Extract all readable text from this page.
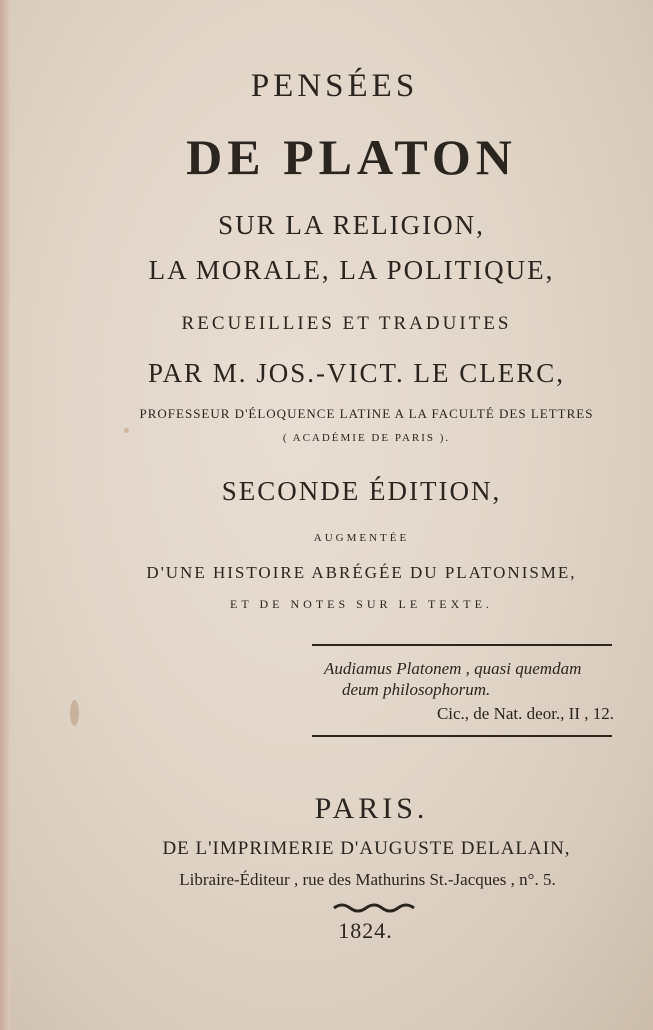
PENSÉES
DE PLATON
SUR LA RELIGION,
LA MORALE, LA POLITIQUE,
RECUEILLIES ET TRADUITES
PAR M. JOS.-VICT. LE CLERC,
PROFESSEUR D'ÉLOQUENCE LATINE A LA FACULTÉ DES LETTRES
( ACADÉMIE DE PARIS ).
SECONDE ÉDITION,
AUGMENTÉE
D'UNE HISTOIRE ABRÉGÉE DU PLATONISME,
ET DE NOTES SUR LE TEXTE.
Audiamus Platonem , quasi quemdam
deum philosophorum.
Cic., de Nat. deor., II , 12.
PARIS.
DE L'IMPRIMERIE D'AUGUSTE DELALAIN,
Libraire-Éditeur , rue des Mathurins St.-Jacques , n°. 5.
1824.
